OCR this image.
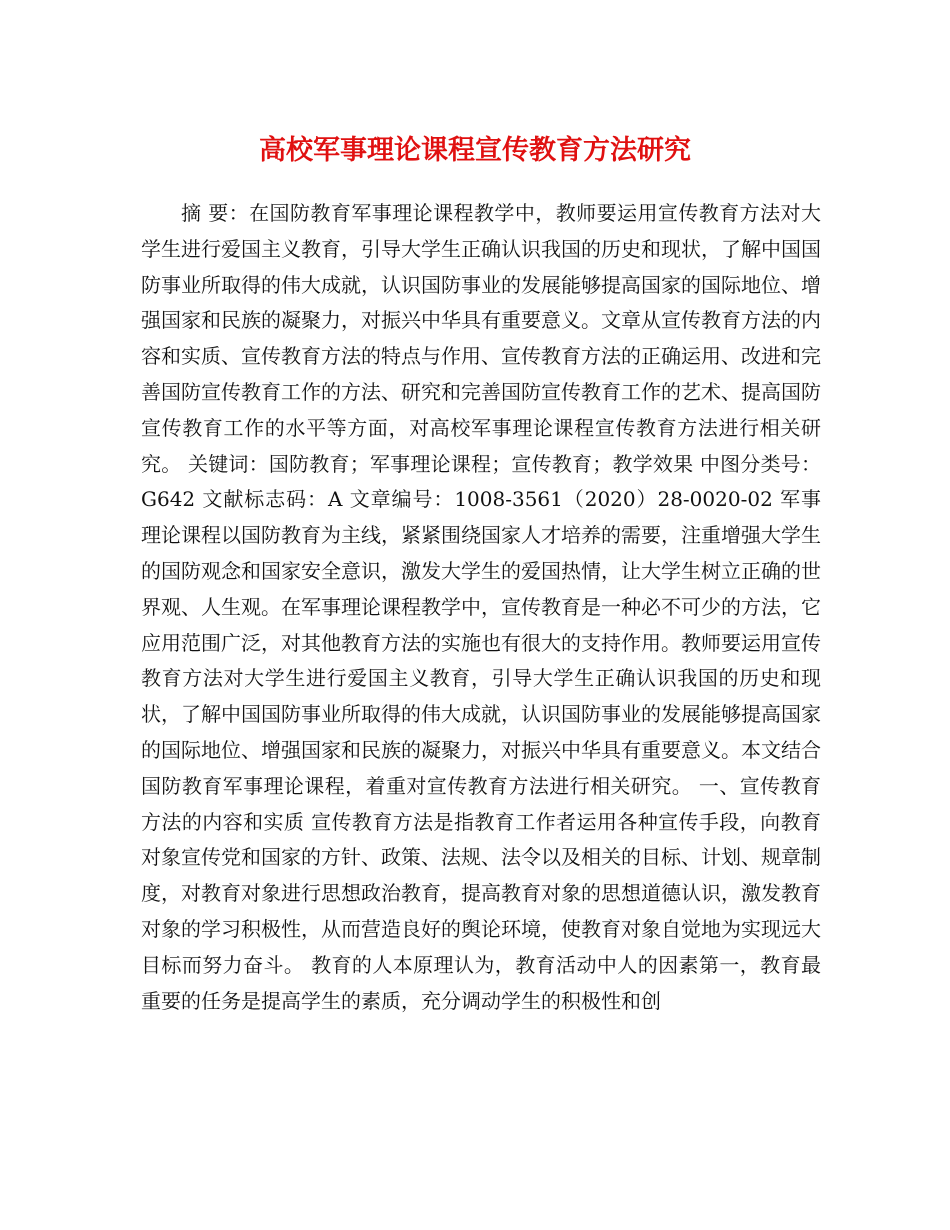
高校军事理论课程宣传教育方法研究

摘 要：在国防教育军事理论课程教学中，教师要运用宣传教育方法对大学生进行爱国主义教育，引导大学生正确认识我国的历史和现状，了解中国国防事业所取得的伟大成就，认识国防事业的发展能够提高国家的国际地位、增强国家和民族的凝聚力，对振兴中华具有重要意义。文章从宣传教育方法的内容和实质、宣传教育方法的特点与作用、宣传教育方法的正确运用、改进和完善国防宣传教育工作的方法、研究和完善国防宣传教育工作的艺术、提高国防宣传教育工作的水平等方面，对高校军事理论课程宣传教育方法进行相关研究。 关键词：国防教育；军事理论课程；宣传教育；教学效果 中图分类号：G642 文献标志码：A 文章编号：1008-3561（2020）28-0020-02 军事理论课程以国防教育为主线，紧紧围绕国家人才培养的需要，注重增强大学生的国防观念和国家安全意识，激发大学生的爱国热情，让大学生树立正确的世界观、人生观。在军事理论课程教学中，宣传教育是一种必不可少的方法，它应用范围广泛，对其他教育方法的实施也有很大的支持作用。教师要运用宣传教育方法对大学生进行爱国主义教育，引导大学生正确认识我国的历史和现状，了解中国国防事业所取得的伟大成就，认识国防事业的发展能够提高国家的国际地位、增强国家和民族的凝聚力，对振兴中华具有重要意义。本文结合国防教育军事理论课程，着重对宣传教育方法进行相关研究。 一、宣传教育方法的内容和实质 宣传教育方法是指教育工作者运用各种宣传手段，向教育对象宣传党和国家的方针、政策、法规、法令以及相关的目标、计划、规章制度，对教育对象进行思想政治教育，提高教育对象的思想道德认识，激发教育对象的学习积极性，从而营造良好的舆论环境，使教育对象自觉地为实现远大目标而努力奋斗。 教育的人本原理认为，教育活动中人的因素第一，教育最重要的任务是提高学生的素质，充分调动学生的积极性和创
